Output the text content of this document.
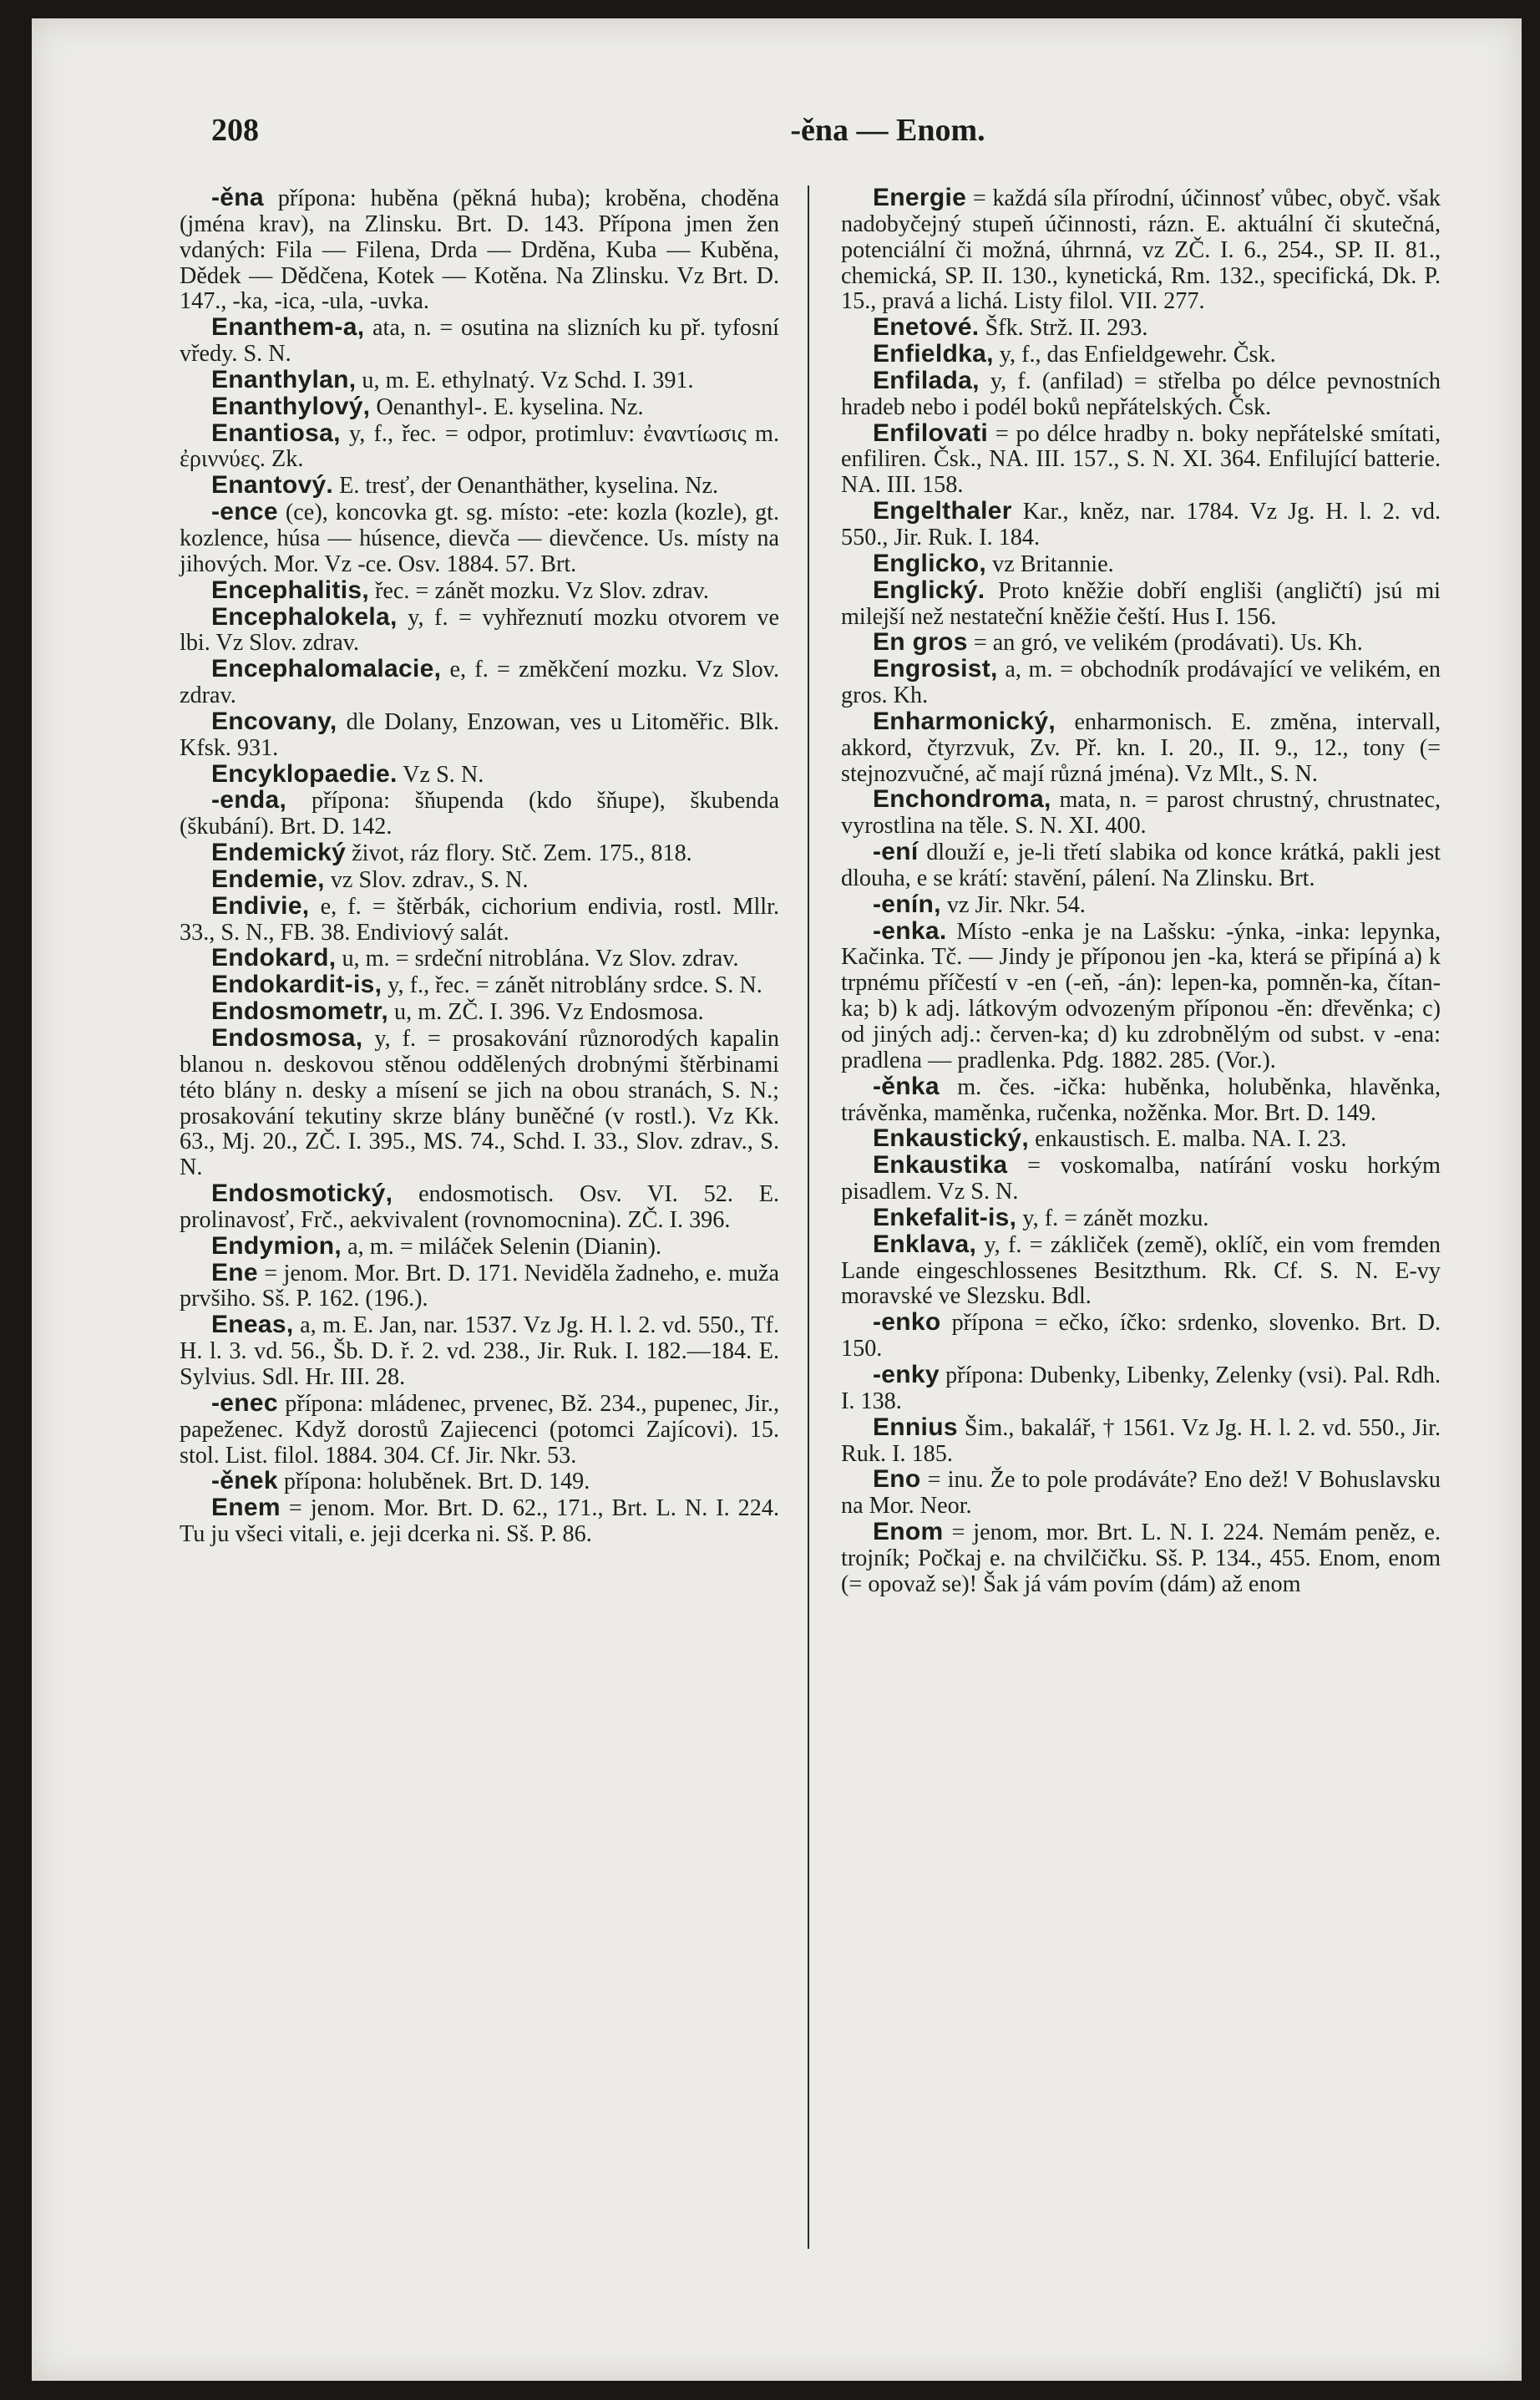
208	-ěna — Enom.

-ěna přípona: huběna (pěkná huba); kroběna, choděna (jména krav), na Zlinsku. Brt. D. 143. Přípona jmen žen vdaných: Fila — Filena, Drda — Drděna, Kuba — Kuběna, Dědek — Dědčena, Kotek — Kotěna. Na Zlinsku. Vz Brt. D. 147., -ka, -ica, -ula, -uvka.

Enanthem-a, ata, n. = osutina na slizních ku př. tyfosní vředy. S. N.

Enanthylan, u, m. E. ethylnatý. Vz Schd. I. 391.

Enanthylový, Oenanthyl-. E. kyselina. Nz.

Enantiosa, y, f., řec. = odpor, protimluv: ἐναντίωσις m. ἐριννύες. Zk.

Enantový. E. tresť, der Oenanthäther, kyselina. Nz.

-ence (ce), koncovka gt. sg. místo: -ete: kozla (kozle), gt. kozlence, húsa — húsence, dievča — dievčence. Us. místy na jihových. Mor. Vz -ce. Osv. 1884. 57. Brt.

Encephalitis, řec. = zánět mozku. Vz Slov. zdrav.

Encephalokela, y, f. = vyhřeznutí mozku otvorem ve lbi. Vz Slov. zdrav.

Encephalomalacie, e, f. = změkčení mozku. Vz Slov. zdrav.

Encovany, dle Dolany, Enzowan, ves u Litoměřic. Blk. Kfsk. 931.

Encyklopaedie. Vz S. N.

-enda, přípona: šňupenda (kdo šňupe), škubenda (škubání). Brt. D. 142.

Endemický život, ráz flory. Stč. Zem. 175., 818.

Endemie, vz Slov. zdrav., S. N.

Endivie, e, f. = štěrbák, cichorium endivia, rostl. Mllr. 33., S. N., FB. 38. Endiviový salát.

Endokard, u, m. = srdeční nitroblána. Vz Slov. zdrav.

Endokardit-is, y, f., řec. = zánět nitroblány srdce. S. N.

Endosmometr, u, m. ZČ. I. 396. Vz Endosmosa.

Endosmosa, y, f. = prosakování různorodých kapalin blanou n. deskovou stěnou oddělených drobnými štěrbinami této blány n. desky a mísení se jich na obou stranách, S. N.; prosakování tekutiny skrze blány buněčné (v rostl.). Vz Kk. 63., Mj. 20., ZČ. I. 395., MS. 74., Schd. I. 33., Slov. zdrav., S. N.

Endosmotický, endosmotisch. Osv. VI. 52. E. prolinavosť, Frč., aekvivalent (rovnomocnina). ZČ. I. 396.

Endymion, a, m. = miláček Selenin (Dianin).

Ene = jenom. Mor. Brt. D. 171. Neviděla žadneho, e. muža prvšiho. Sš. P. 162. (196.).

Eneas, a, m. E. Jan, nar. 1537. Vz Jg. H. l. 2. vd. 550., Tf. H. l. 3. vd. 56., Šb. D. ř. 2. vd. 238., Jir. Ruk. I. 182.—184. E. Sylvius. Sdl. Hr. III. 28.

-enec přípona: mládenec, prvenec, Bž. 234., pupenec, Jir., papeženec. Když dorostů Zajiecenci (potomci Zajícovi). 15. stol. List. filol. 1884. 304. Cf. Jir. Nkr. 53.

-ěnek přípona: holuběnek. Brt. D. 149.

Enem = jenom. Mor. Brt. D. 62., 171., Brt. L. N. I. 224. Tu ju všeci vitali, e. jeji dcerka ni. Sš. P. 86.

Energie = každá síla přírodní, účinnosť vůbec, obyč. však nadobyčejný stupeň účinnosti, rázn. E. aktuální či skutečná, potenciální či možná, úhrnná, vz ZČ. I. 6., 254., SP. II. 81., chemická, SP. II. 130., kynetická, Rm. 132., specifická, Dk. P. 15., pravá a lichá. Listy filol. VII. 277.

Enetové. Šfk. Strž. II. 293.

Enfieldka, y, f., das Enfieldgewehr. Čsk.

Enfilada, y, f. (anfilad) = střelba po délce pevnostních hradeb nebo i podél boků nepřátelských. Čsk.

Enfilovati = po délce hradby n. boky nepřátelské smítati, enfiliren. Čsk., NA. III. 157., S. N. XI. 364. Enfilující batterie. NA. III. 158.

Engelthaler Kar., kněz, nar. 1784. Vz Jg. H. l. 2. vd. 550., Jir. Ruk. I. 184.

Englicko, vz Britannie.

Englický. Proto kněžie dobří engliši (angličtí) jsú mi milejší než nestateční kněžie čeští. Hus I. 156.

En gros = an gró, ve velikém (prodávati). Us. Kh.

Engrosist, a, m. = obchodník prodávající ve velikém, en gros. Kh.

Enharmonický, enharmonisch. E. změna, intervall, akkord, čtyrzvuk, Zv. Př. kn. I. 20., II. 9., 12., tony (= stejnozvučné, ač mají různá jména). Vz Mlt., S. N.

Enchondroma, mata, n. = parost chrustný, chrustnatec, vyrostlina na těle. S. N. XI. 400.

-ení dlouží e, je-li třetí slabika od konce krátká, pakli jest dlouha, e se krátí: stavění, pálení. Na Zlinsku. Brt.

-enín, vz Jir. Nkr. 54.

-enka. Místo -enka je na Lašsku: -ýnka, -inka: lepynka, Kačinka. Tč. — Jindy je příponou jen -ka, která se připíná a) k trpnému příčestí v -en (-eň, -án): lepen-ka, pomněn-ka, čítan-ka; b) k adj. látkovým odvozeným příponou -ěn: dřevěnka; c) od jiných adj.: červen-ka; d) ku zdrobnělým od subst. v -ena: pradlena — pradlenka. Pdg. 1882. 285. (Vor.).

-ěnka m. čes. -ička: huběnka, holuběnka, hlavěnka, trávěnka, maměnka, ručenka, nožěnka. Mor. Brt. D. 149.

Enkaustický, enkaustisch. E. malba. NA. I. 23.

Enkaustika = voskomalba, natírání vosku horkým pisadlem. Vz S. N.

Enkefalit-is, y, f. = zánět mozku.

Enklava, y, f. = zákliček (země), oklíč, ein vom fremden Lande eingeschlossenes Besitzthum. Rk. Cf. S. N. E-vy moravské ve Slezsku. Bdl.

-enko přípona = ečko, íčko: srdenko, slovenko. Brt. D. 150.

-enky přípona: Dubenky, Libenky, Zelenky (vsi). Pal. Rdh. I. 138.

Ennius Šim., bakalář, † 1561. Vz Jg. H. l. 2. vd. 550., Jir. Ruk. I. 185.

Eno = inu. Že to pole prodáváte? Eno dež! V Bohuslavsku na Mor. Neor.

Enom = jenom, mor. Brt. L. N. I. 224. Nemám peněz, e. trojník; Počkaj e. na chvilčičku. Sš. P. 134., 455. Enom, enom (= opovaž se)! Šak já vám povím (dám) až enom
